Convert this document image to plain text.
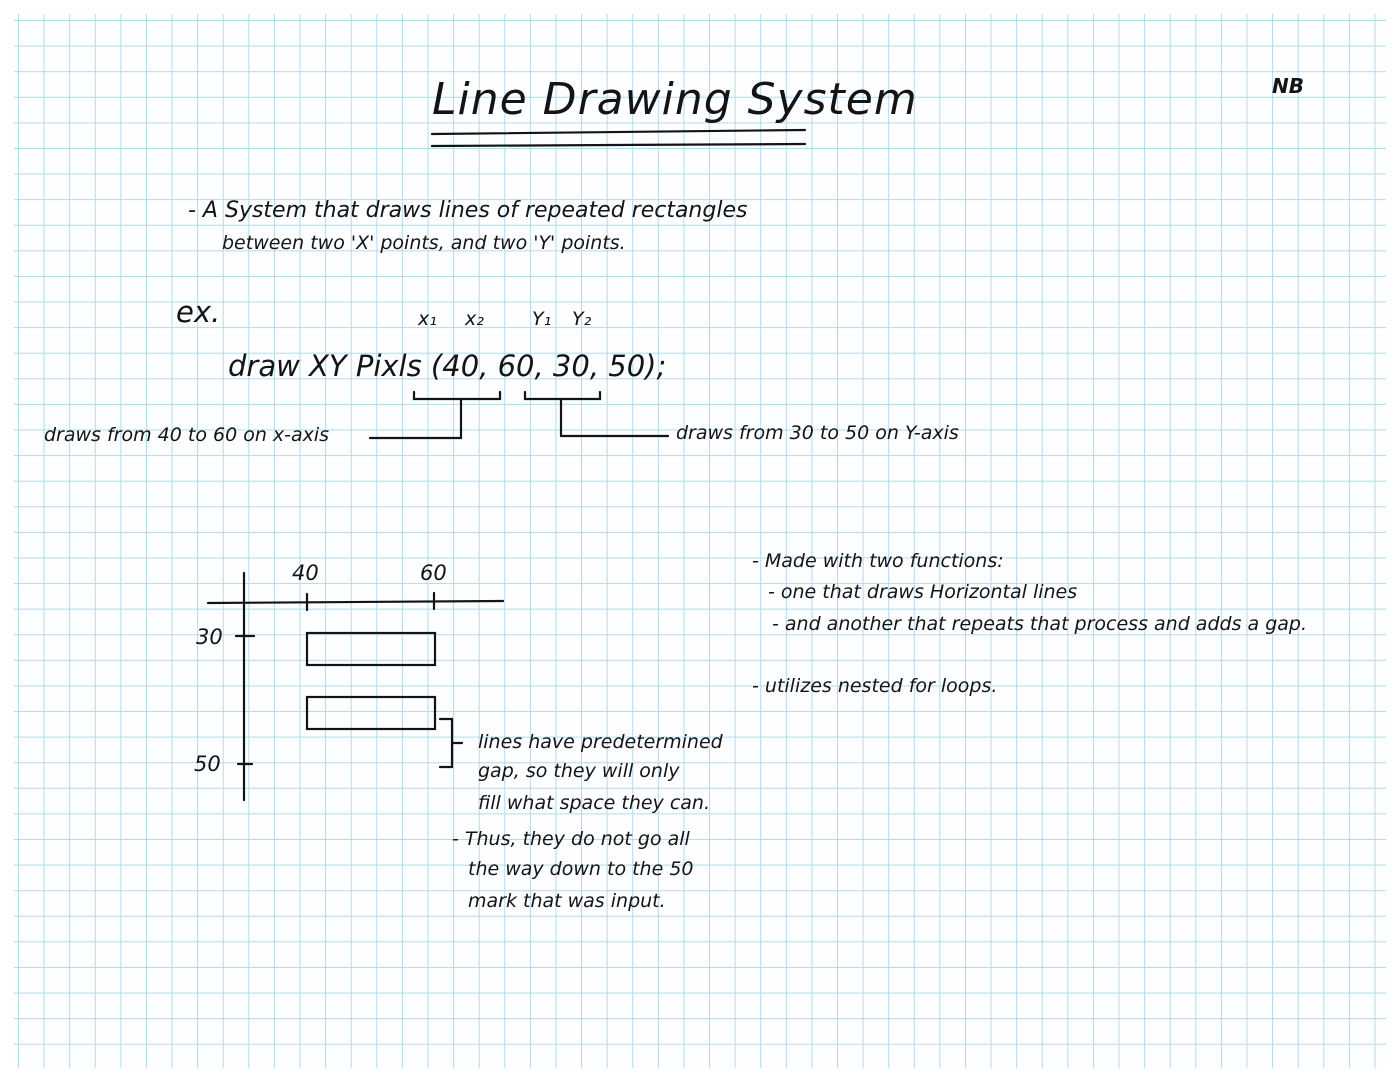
Line Drawing System	NB

- A System that draws lines of repeated rectangles

between two 'X' points, and two 'Y' points.

ex.	x₁ x₂	Y₁ Y₂

draw XY Pixls (40, 60, 30, 50);

draws from 40 to 60 on x-axis	draws from 30 to 50 on Y-axis

40	60

30

50

lines have predetermined

gap, so they will only

fill what space they can.

- Thus, they do not go all

the way down to the 50

mark that was input.

- Made with two functions:

- one that draws Horizontal lines

- and another that repeats that process and adds a gap.

- utilizes nested for loops.
